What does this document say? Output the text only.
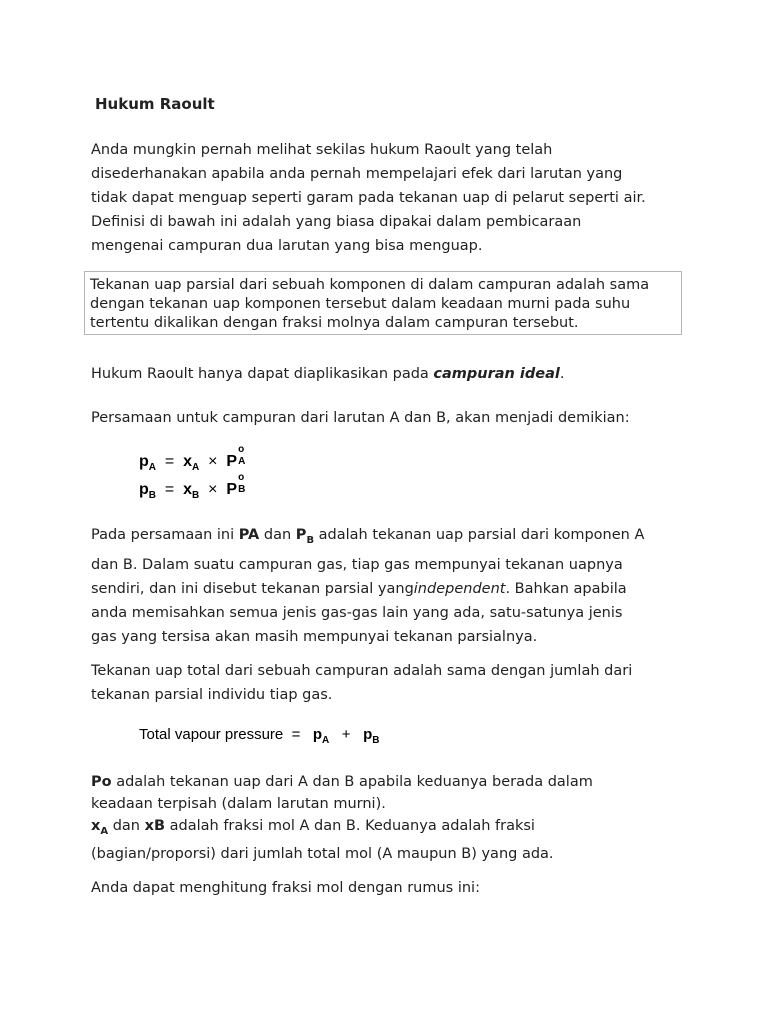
Hukum Raoult
Anda mungkin pernah melihat sekilas hukum Raoult yang telah
disederhanakan apabila anda pernah mempelajari efek dari larutan yang
tidak dapat menguap seperti garam pada tekanan uap di pelarut seperti air.
Definisi di bawah ini adalah yang biasa dipakai dalam pembicaraan
mengenai campuran dua larutan yang bisa menguap.
Tekanan uap parsial dari sebuah komponen di dalam campuran adalah sama
dengan tekanan uap komponen tersebut dalam keadaan murni pada suhu
tertentu dikalikan dengan fraksi molnya dalam campuran tersebut.
Hukum Raoult hanya dapat diaplikasikan pada campuran ideal.
Persamaan untuk campuran dari larutan A dan B, akan menjadi demikian:
$p_A = x_A \times P$
o
A
$p_B = x_B \times P$
o
B
Pada persamaan ini PA dan $P_B$ adalah tekanan uap parsial dari komponen A
dan B. Dalam suatu campuran gas, tiap gas mempunyai tekanan uapnya
sendiri, dan ini disebut tekanan parsial yangindependent. Bahkan apabila
anda memisahkan semua jenis gas-gas lain yang ada, satu-satunya jenis
gas yang tersisa akan masih mempunyai tekanan parsialnya.
Tekanan uap total dari sebuah campuran adalah sama dengan jumlah dari
tekanan parsial individu tiap gas.
Total vapour pressure = $p_A + p_B$
Po adalah tekanan uap dari A dan B apabila keduanya berada dalam
keadaan terpisah (dalam larutan murni).
$x_A$ dan xB adalah fraksi mol A dan B. Keduanya adalah fraksi
(bagian/proporsi) dari jumlah total mol (A maupun B) yang ada.
Anda dapat menghitung fraksi mol dengan rumus ini:
